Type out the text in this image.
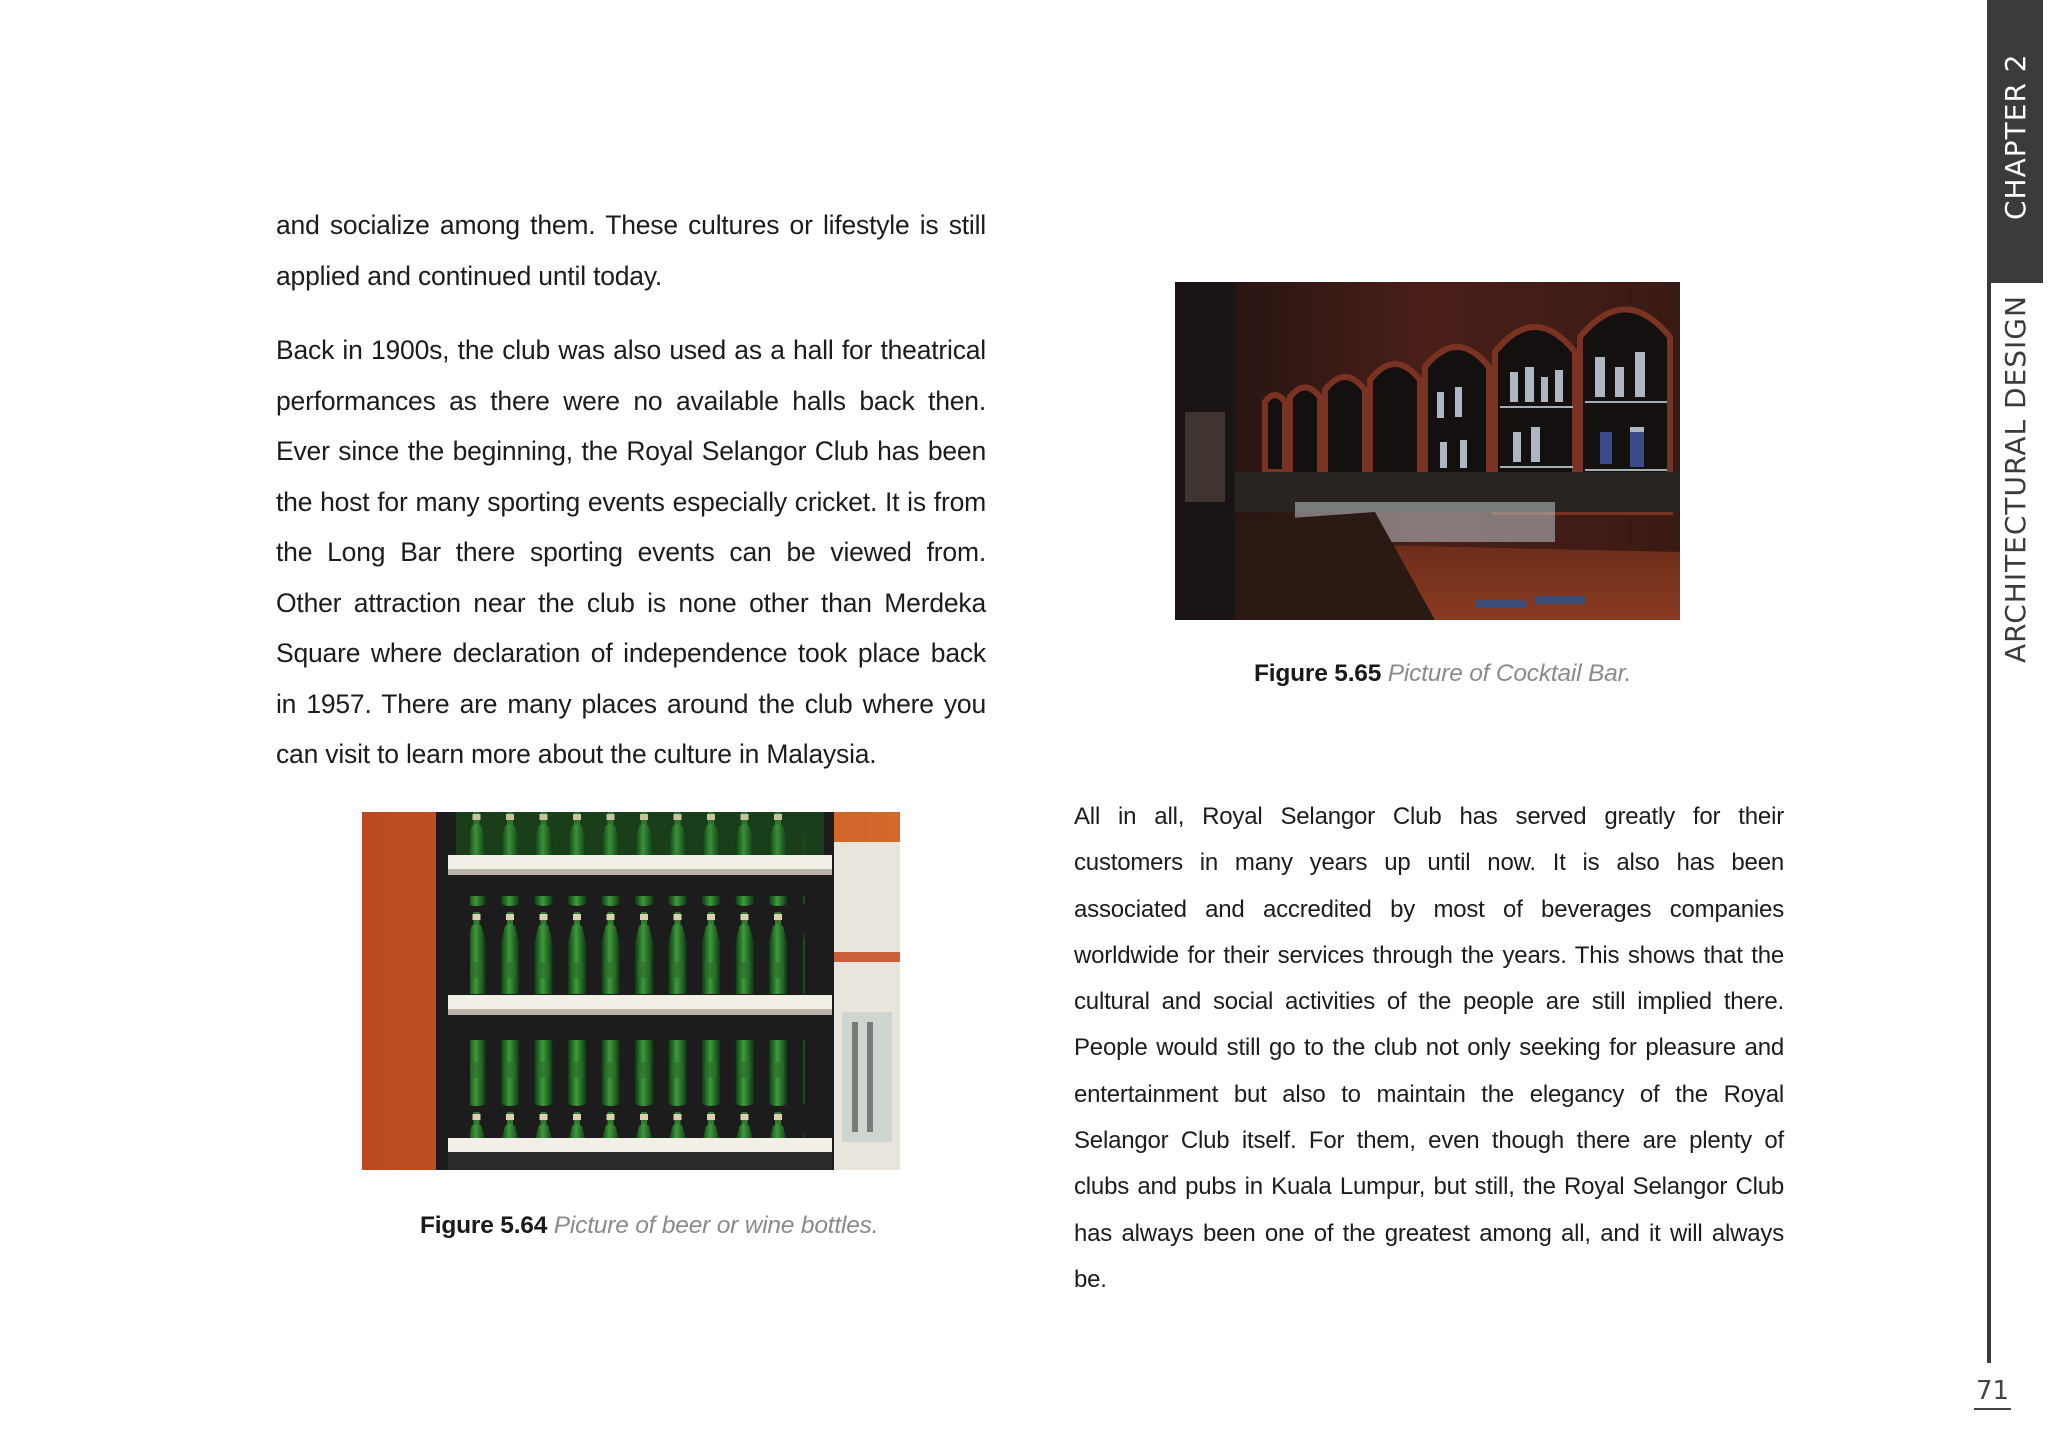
and socialize among them. These cultures or lifestyle is still applied and continued until today.

Back in 1900s, the club was also used as a hall for theatrical performances as there were no available halls back then. Ever since the beginning, the Royal Selangor Club has been the host for many sporting events especially cricket. It is from the Long Bar there sporting events can be viewed from. Other attraction near the club is none other than Merdeka Square where declaration of independence took place back in 1957. There are many places around the club where you can visit to learn more about the culture in Malaysia.

Figure 5.64 Picture of beer or wine bottles.
Figure 5.65 Picture of Cocktail Bar.

All in all, Royal Selangor Club has served greatly for their customers in many years up until now. It is also has been associated and accredited by most of beverages companies worldwide for their services through the years. This shows that the cultural and social activities of the people are still implied there. People would still go to the club not only seeking for pleasure and entertainment but also to maintain the elegancy of the Royal Selangor Club itself. For them, even though there are plenty of clubs and pubs in Kuala Lumpur, but still, the Royal Selangor Club has always been one of the greatest among all, and it will always be.

CHAPTER 2
ARCHITECTURAL DESIGN
71
